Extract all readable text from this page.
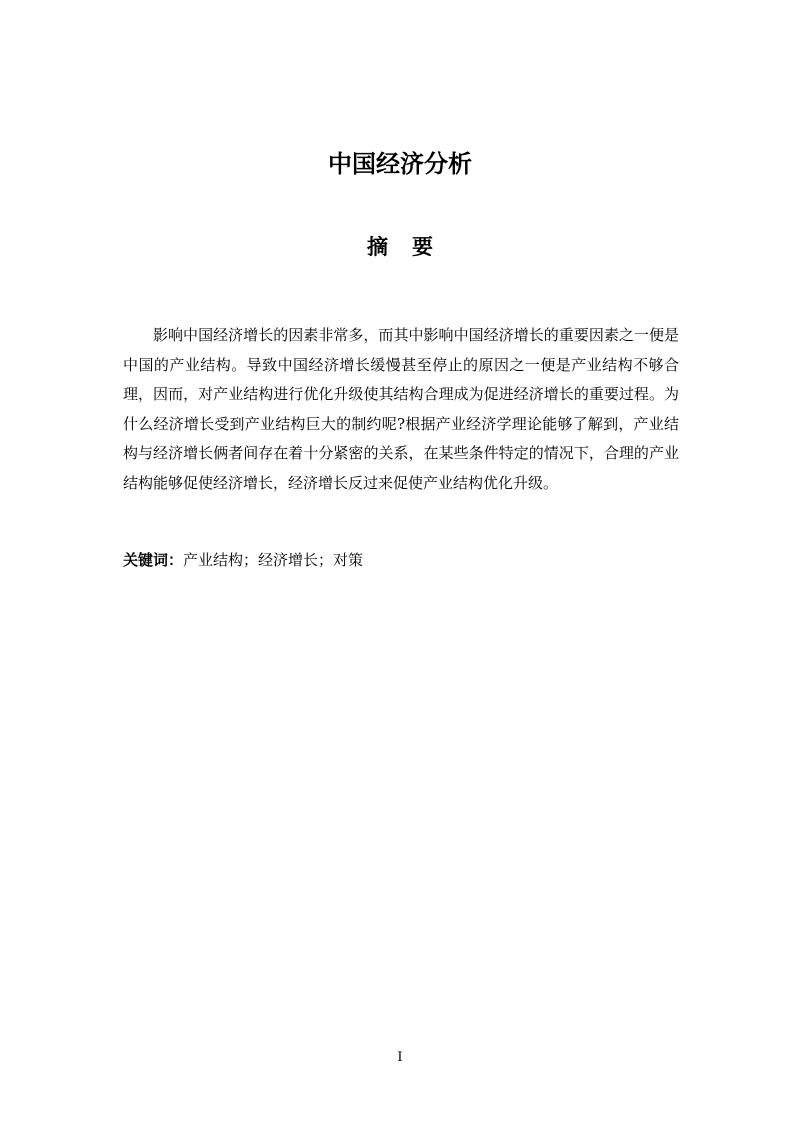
中国经济分析
摘要

影响中国经济增长的因素非常多，而其中影响中国经济增长的重要因素之一便是中国的产业结构。导致中国经济增长缓慢甚至停止的原因之一便是产业结构不够合理，因而，对产业结构进行优化升级使其结构合理成为促进经济增长的重要过程。为什么经济增长受到产业结构巨大的制约呢?根据产业经济学理论能够了解到，产业结构与经济增长俩者间存在着十分紧密的关系，在某些条件特定的情况下，合理的产业结构能够促使经济增长，经济增长反过来促使产业结构优化升级。

关键词：产业结构；经济增长；对策
I
